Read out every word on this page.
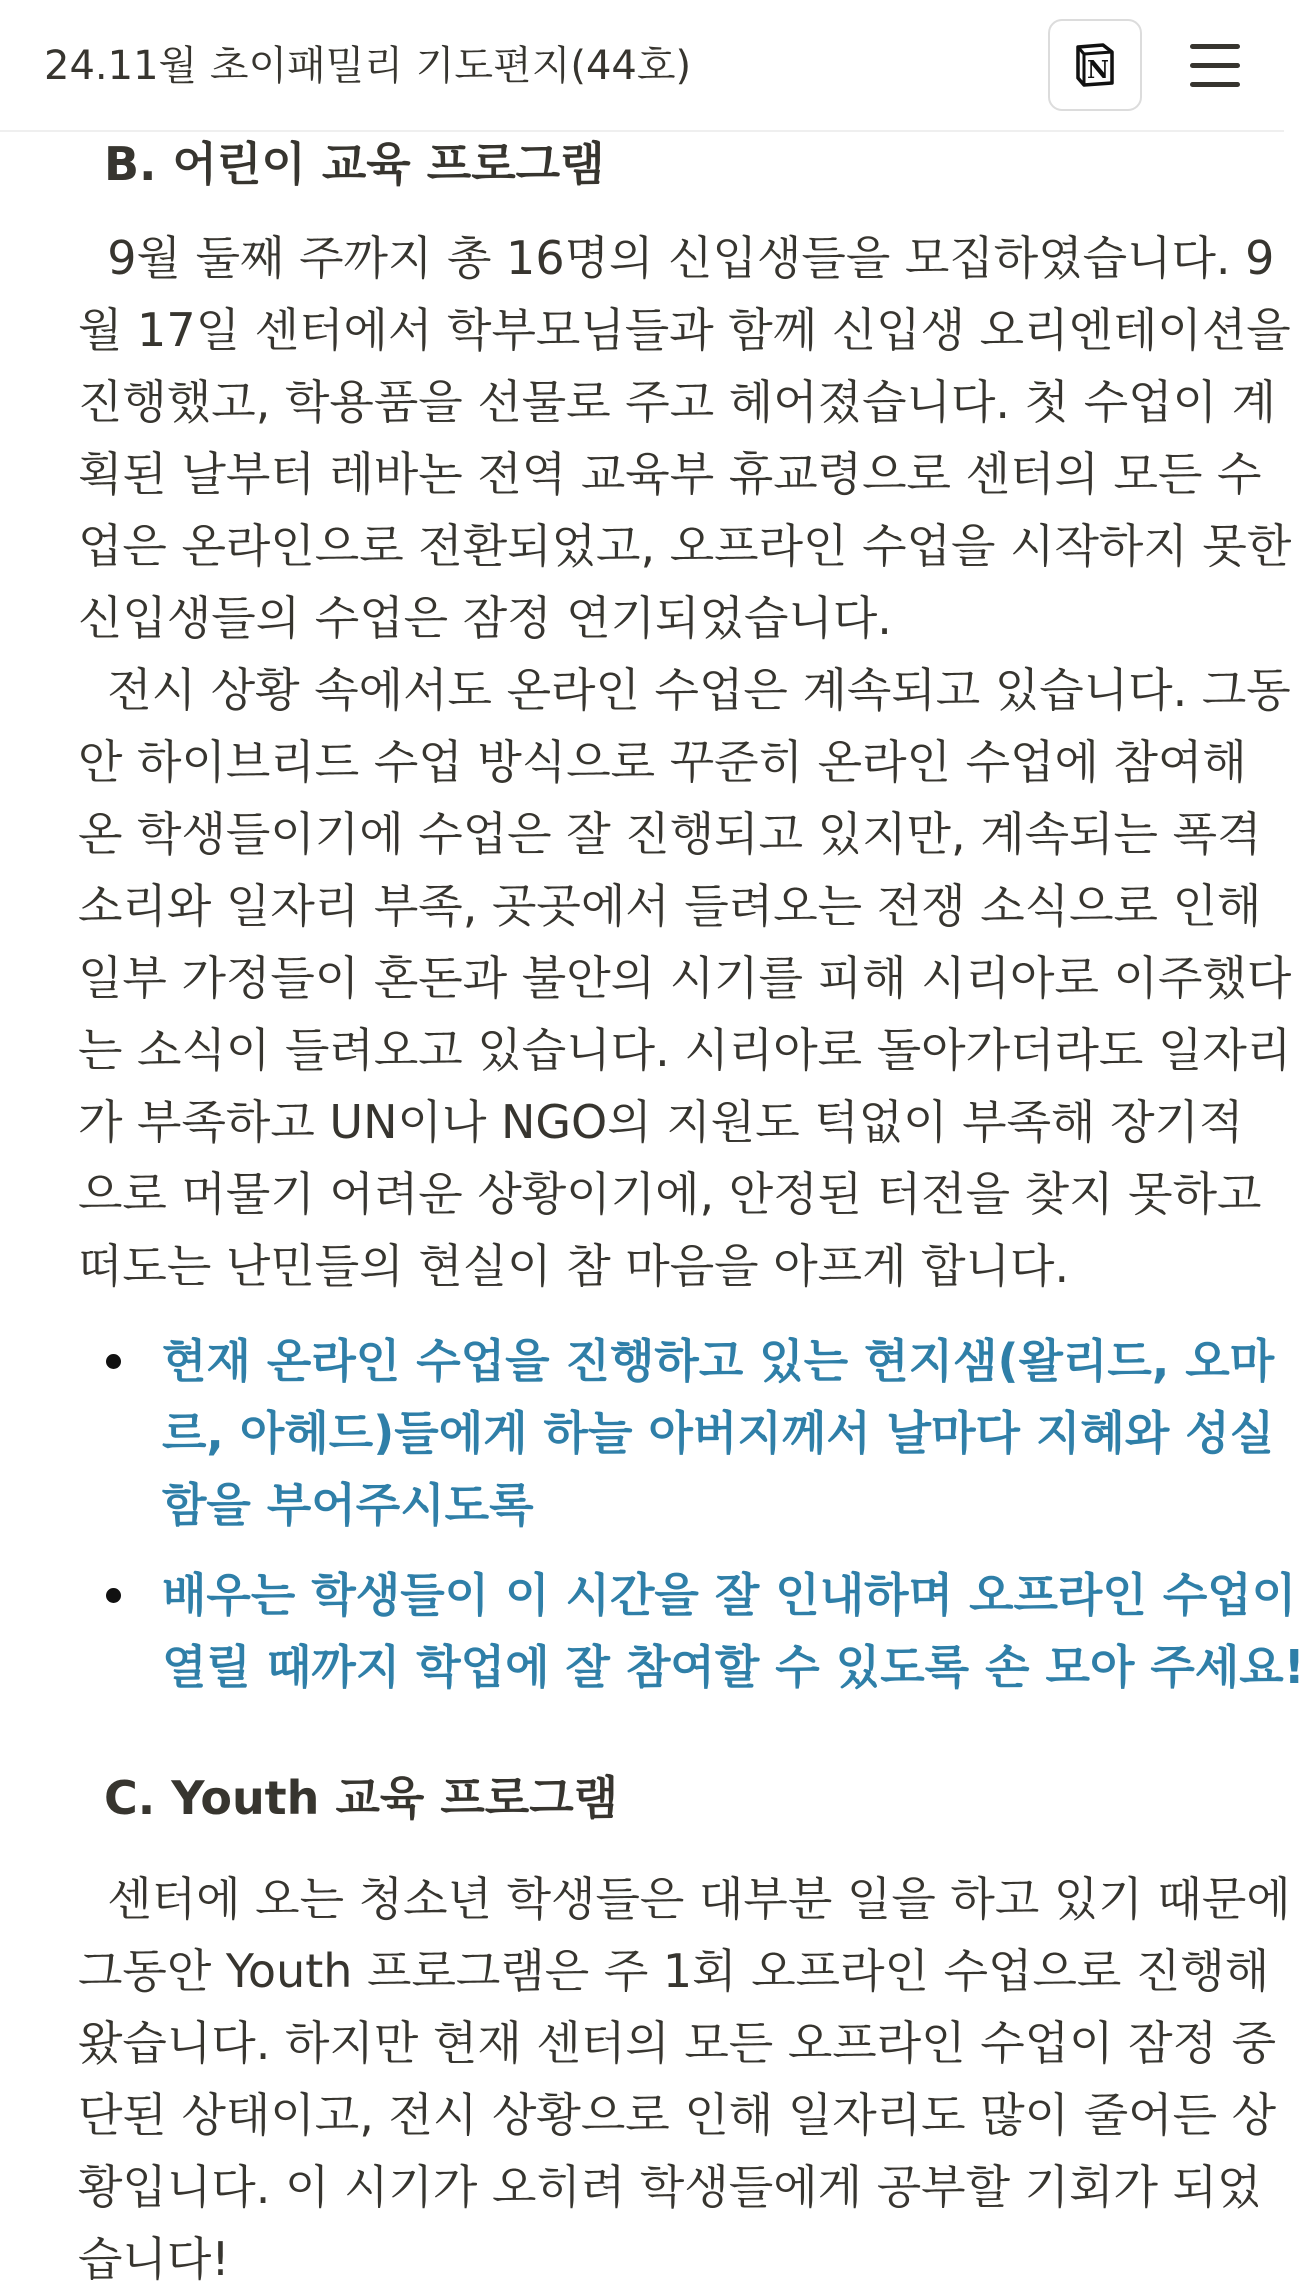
24.11월 초이패밀리 기도편지(44호)	N
B. 어린이 교육 프로그램
9월 둘째 주까지 총 16명의 신입생들을 모집하였습니다. 9
월 17일 센터에서 학부모님들과 함께 신입생 오리엔테이션을
진행했고, 학용품을 선물로 주고 헤어졌습니다. 첫 수업이 계
획된 날부터 레바논 전역 교육부 휴교령으로 센터의 모든 수
업은 온라인으로 전환되었고, 오프라인 수업을 시작하지 못한
신입생들의 수업은 잠정 연기되었습니다.
전시 상황 속에서도 온라인 수업은 계속되고 있습니다. 그동
안 하이브리드 수업 방식으로 꾸준히 온라인 수업에 참여해
온 학생들이기에 수업은 잘 진행되고 있지만, 계속되는 폭격
소리와 일자리 부족, 곳곳에서 들려오는 전쟁 소식으로 인해
일부 가정들이 혼돈과 불안의 시기를 피해 시리아로 이주했다
는 소식이 들려오고 있습니다. 시리아로 돌아가더라도 일자리
가 부족하고 UN이나 NGO의 지원도 턱없이 부족해 장기적
으로 머물기 어려운 상황이기에, 안정된 터전을 찾지 못하고
떠도는 난민들의 현실이 참 마음을 아프게 합니다.
현재 온라인 수업을 진행하고 있는 현지샘(왈리드, 오마
르, 아헤드)들에게 하늘 아버지께서 날마다 지혜와 성실
함을 부어주시도록
배우는 학생들이 이 시간을 잘 인내하며 오프라인 수업이
열릴 때까지 학업에 잘 참여할 수 있도록 손 모아 주세요!
C. Youth 교육 프로그램
센터에 오는 청소년 학생들은 대부분 일을 하고 있기 때문에
그동안 Youth 프로그램은 주 1회 오프라인 수업으로 진행해
왔습니다. 하지만 현재 센터의 모든 오프라인 수업이 잠정 중
단된 상태이고, 전시 상황으로 인해 일자리도 많이 줄어든 상
황입니다. 이 시기가 오히려 학생들에게 공부할 기회가 되었
습니다!
